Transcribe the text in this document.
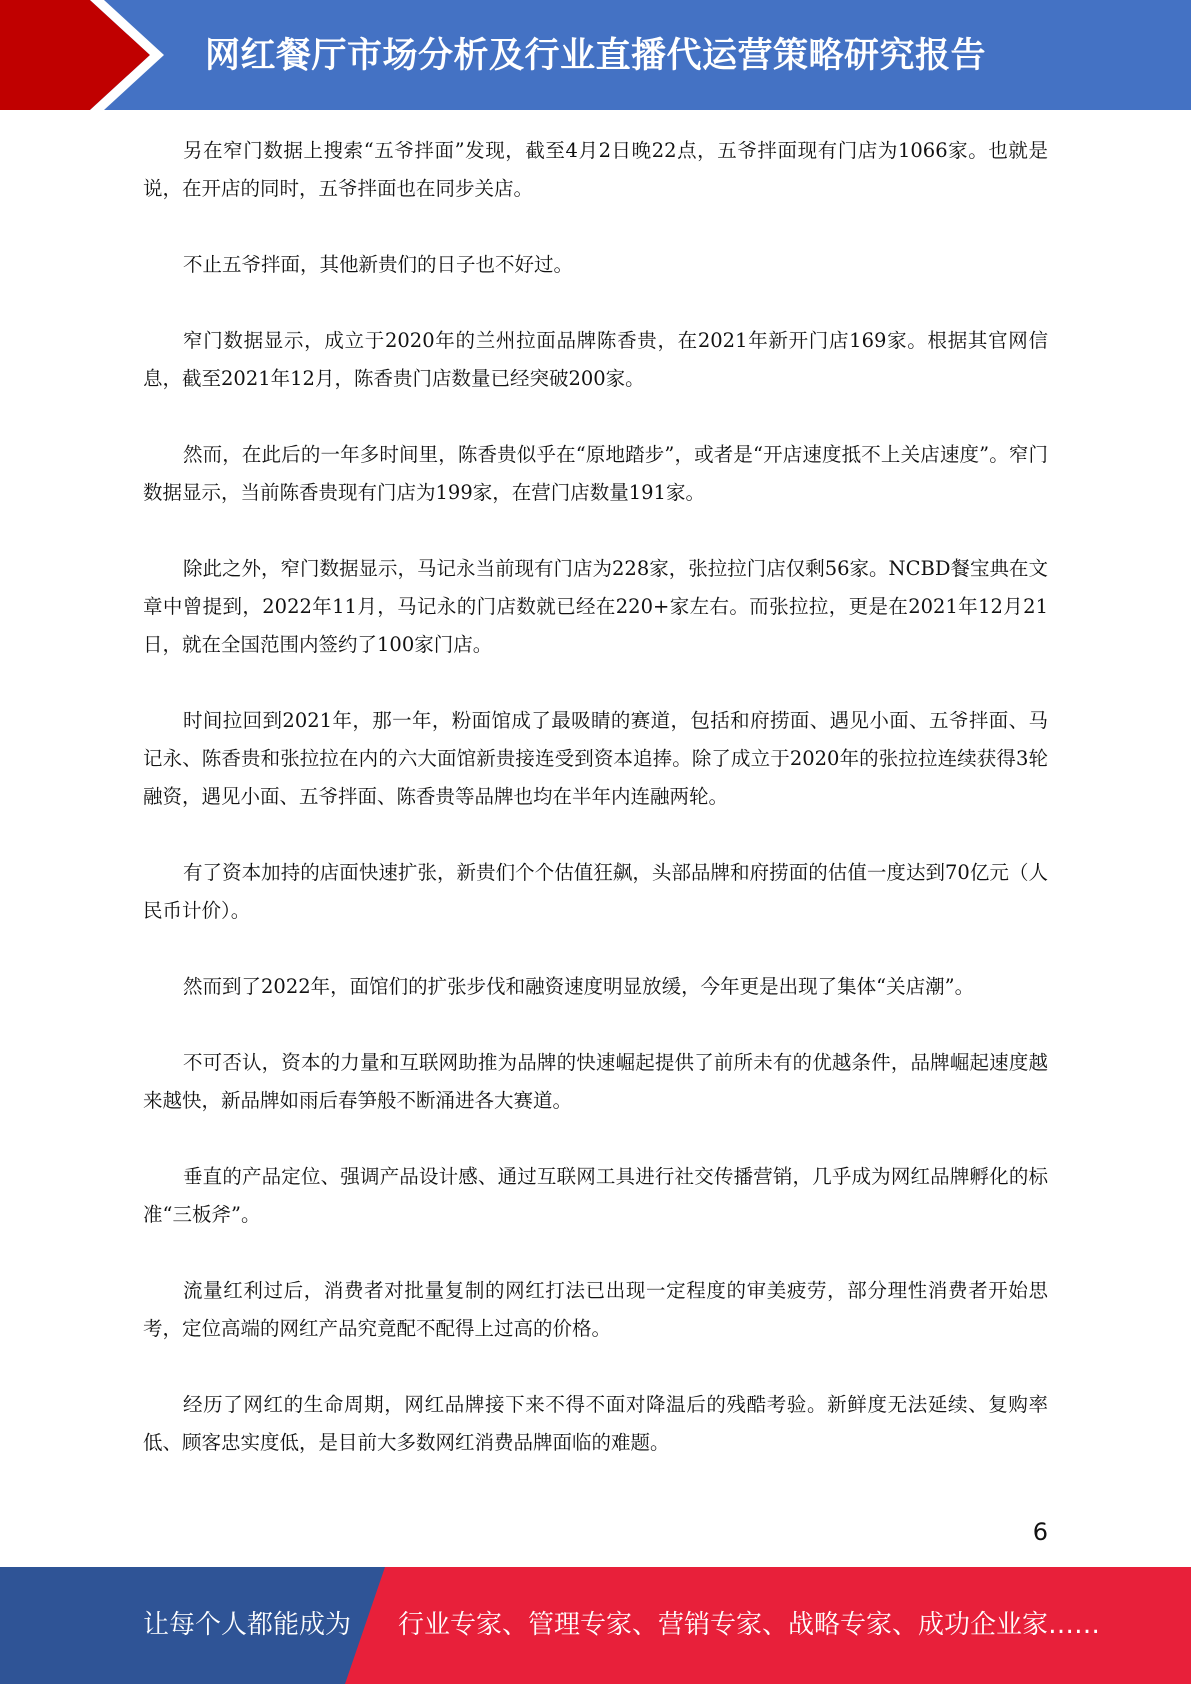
网红餐厅市场分析及行业直播代运营策略研究报告

另在窄门数据上搜索“五爷拌面”发现，截至4月2日晚22点，五爷拌面现有门店为1066家。也就是说，在开店的同时，五爷拌面也在同步关店。

不止五爷拌面，其他新贵们的日子也不好过。

窄门数据显示，成立于2020年的兰州拉面品牌陈香贵，在2021年新开门店169家。根据其官网信息，截至2021年12月，陈香贵门店数量已经突破200家。

然而，在此后的一年多时间里，陈香贵似乎在“原地踏步”，或者是“开店速度抵不上关店速度”。窄门数据显示，当前陈香贵现有门店为199家，在营门店数量191家。

除此之外，窄门数据显示，马记永当前现有门店为228家，张拉拉门店仅剩56家。NCBD餐宝典在文章中曾提到，2022年11月，马记永的门店数就已经在220+家左右。而张拉拉，更是在2021年12月21日，就在全国范围内签约了100家门店。

时间拉回到2021年，那一年，粉面馆成了最吸睛的赛道，包括和府捞面、遇见小面、五爷拌面、马记永、陈香贵和张拉拉在内的六大面馆新贵接连受到资本追捧。除了成立于2020年的张拉拉连续获得3轮融资，遇见小面、五爷拌面、陈香贵等品牌也均在半年内连融两轮。

有了资本加持的店面快速扩张，新贵们个个估值狂飙，头部品牌和府捞面的估值一度达到70亿元（人民币计价）。

然而到了2022年，面馆们的扩张步伐和融资速度明显放缓，今年更是出现了集体“关店潮”。

不可否认，资本的力量和互联网助推为品牌的快速崛起提供了前所未有的优越条件，品牌崛起速度越来越快，新品牌如雨后春笋般不断涌进各大赛道。

垂直的产品定位、强调产品设计感、通过互联网工具进行社交传播营销，几乎成为网红品牌孵化的标准“三板斧”。

流量红利过后，消费者对批量复制的网红打法已出现一定程度的审美疲劳，部分理性消费者开始思考，定位高端的网红产品究竟配不配得上过高的价格。

经历了网红的生命周期，网红品牌接下来不得不面对降温后的残酷考验。新鲜度无法延续、复购率低、顾客忠实度低，是目前大多数网红消费品牌面临的难题。

6
让每个人都能成为 行业专家、管理专家、营销专家、战略专家、成功企业家……
